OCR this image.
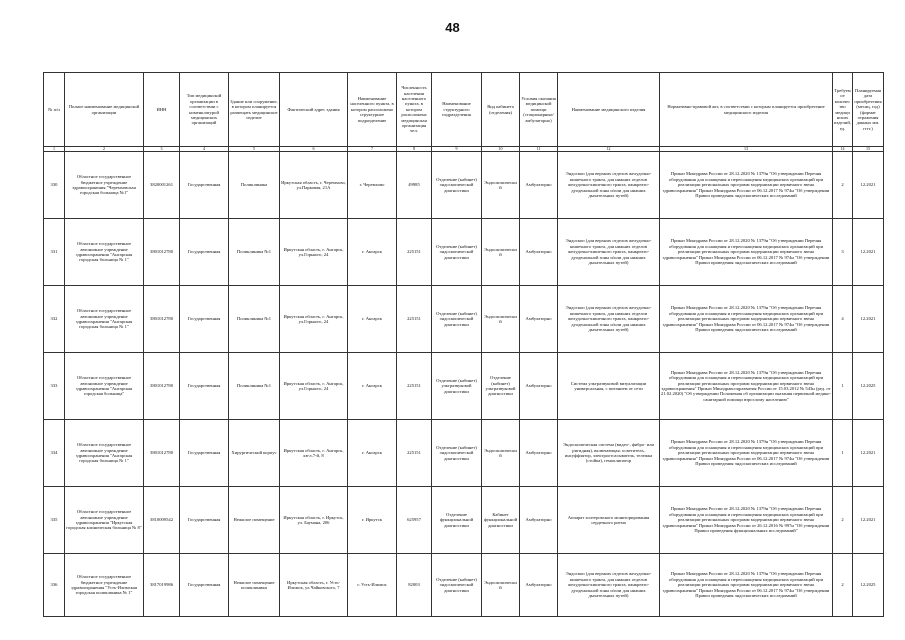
48
№ п/п	Полное наименование медицинской организации	ИНН	Тип медицинской организации в соответствии с номенклатурой медицинских организаций	Здание или сооружение, в котором планируется размещать медицинское изделие	Фактический адрес здания	Наименование населенного пункта, в котором расположено структурное подразделение	Численность населения населенного пункта, в котором расположена медицинская организация чел.	Наименование структурного подразделения	Вид кабинета (отделения)	Условия оказания медицинской помощи (стационарные/амбулаторно)	Наименование медицинского изделия	Нормативно-правовой акт, в соответствии с которым планируется приобретение медицинского изделия	Требуемое количество медицинских изделий, ед.	Планируемая дата приобретения (месяц, год) (формат отражения данных мм. гггг.)
1	2	3	4	5	6	7	8	9	10	11	12	13	14	15
330	Областное государственное бюджетное учреждение здравоохранения "Черемховская городская больница №1"	3820001261	Государственная	Поликлиника	Иркутская область, г. Черемхово, ул.Парковая, 21А	г. Черемхово	49985	Отделение (кабинет) эндоскопической диагностики	Эндоскопический	Амбулаторно	Эндоскоп (для верхних отделов желудочно-кишечного тракта, для нижних отделов желудочно-кишечного тракта, панкреато-дуоденальной зоны и/или для нижних дыхательных путей)	Приказ Минздрава России от 28.12.2020 № 1379н "Об утверждении Перечня оборудования для оснащения и переоснащения медицинских организаций при реализации региональных программ модернизации первичного звена здравоохранения" Приказ Минздрава России от 06.12.2017 № 974н "Об утверждении Правил проведения эндоскопических исследований	2	12.2021
331	Областное государственное автономное учреждение здравоохранения "Ангарская городская больница № 1"	3801012780	Государственная	Поликлиника №1	Иркутская область, г. Ангарск, ул.Горького, 24	г. Ангарск	225151	Отделение (кабинет) эндоскопической диагностики	Эндоскопический	Амбулаторно	Эндоскоп (для верхних отделов желудочно-кишечного тракта, для нижних отделов желудочно-кишечного тракта, панкреато-дуоденальной зоны и/или для нижних дыхательных путей)	Приказ Минздрава России от 28.12.2020 № 1379н "Об утверждении Перечня оборудования для оснащения и переоснащения медицинских организаций при реализации региональных программ модернизации первичного звена здравоохранения" Приказ Минздрава России от 06.12.2017 № 974н "Об утверждении Правил проведения эндоскопических исследований	3	12.2021
332	Областное государственное автономное учреждение здравоохранения "Ангарская городская больница № 1"	3801012780	Государственная	Поликлиника №1	Иркутская область, г. Ангарск, ул.Горького, 24	г. Ангарск	225151	Отделение (кабинет) эндоскопической диагностики	Эндоскопический	Амбулаторно	Эндоскоп (для верхних отделов желудочно-кишечного тракта, для нижних отделов желудочно-кишечного тракта, панкреато-дуоденальной зоны и/или для нижних дыхательных путей)	Приказ Минздрава России от 28.12.2020 № 1379н "Об утверждении Перечня оборудования для оснащения и переоснащения медицинских организаций при реализации региональных программ модернизации первичного звена здравоохранения" Приказ Минздрава России от 06.12.2017 № 974н "Об утверждении Правил проведения эндоскопических исследований	4	12.2021
333	Областное государственное автономное учреждение здравоохранения "Ангарская городская больница"	3801012780	Государственная	Поликлиника №1	Иркутская область, г. Ангарск, ул.Горького, 24	г. Ангарск	225151	Отделение (кабинет) ультразвуковой диагностики	Отделение (кабинет) ультразвуковой диагностики	Амбулаторно	Система ультразвуковой визуализации универсальная, с питанием от сети	Приказ Минздрава России от 28.12.2020 № 1379н "Об утверждении Перечня оборудования для оснащения и переоснащения медицинских организаций при реализации региональных программ модернизации первичного звена здравоохранения" Приказ Минздравсоцразвития России от 15.03.2012 № 543н (ред. от 21.02.2020) "Об утверждении Положения об организации оказания первичной медико-санитарной помощи взрослому населению"	1	12.2025
334	Областное государственное автономное учреждение здравоохранения "Ангарская городская больница № 1"	3801012780	Государственная	Хирургический корпус	Иркутская область, г. Ангарск, кв-л.7-й, 8	г. Ангарск	225151	Отделение (кабинет) эндоскопической диагностики	Эндоскопический	Амбулаторно	Эндоскопическая система (видео-, фибро- или ригидная), включающая: осветитель, инсуффлятор, электроотсасыватель, тележка (стойка), гемоклипатор	Приказ Минздрава России от 28.12.2020 № 1379н "Об утверждении Перечня оборудования для оснащения и переоснащения медицинских организаций при реализации региональных программ модернизации первичного звена здравоохранения" Приказ Минздрава России от 06.12.2017 № 974н "Об утверждении Правил проведения эндоскопических исследований	1	12.2021
335	Областное государственное автономное учреждение здравоохранения "Иркутская городская клиническая больница № 8"	3810009542	Государственная	Нежилое помещение	Иркутская область, г. Иркутск, ул. Баумана, 206	г. Иркутск	625957	Отделение функциональной диагностики	Кабинет функциональной диагностики	Амбулаторно	Аппарат холтеровского мониторирования сердечного ритма	Приказ Минздрава России от 28.12.2020 № 1379н "Об утверждении Перечня оборудования для оснащения и переоснащения медицинских организаций при реализации региональных программ модернизации первичного звена здравоохранения" Приказ Минздрава России от 26.12.2016 № 997н "Об утверждении Правил проведения функциональных исследований"	2	12.2021
336	Областное государственное бюджетное учреждение здравоохранения "Усть-Илимская городская поликлиника № 1"	3817019986	Государственная	Нежилое помещение поликлиники	Иркутская область, г. Усть-Илимск, ул.Чайковского, 7	г. Усть-Илимск	82003	Отделение (кабинет) эндоскопической диагностики	Эндоскопический	Амбулаторно	Эндоскоп (для верхних отделов желудочно-кишечного тракта, для нижних отделов желудочно-кишечного тракта, панкреато-дуоденальной зоны и/или для нижних дыхательных путей)	Приказ Минздрава России от 28.12.2020 № 1379н "Об утверждении Перечня оборудования для оснащения и переоснащения медицинских организаций при реализации региональных программ модернизации первичного звена здравоохранения" Приказ Минздрава России от 06.12.2017 № 974н "Об утверждении Правил проведения эндоскопических исследований	2	12.2025
